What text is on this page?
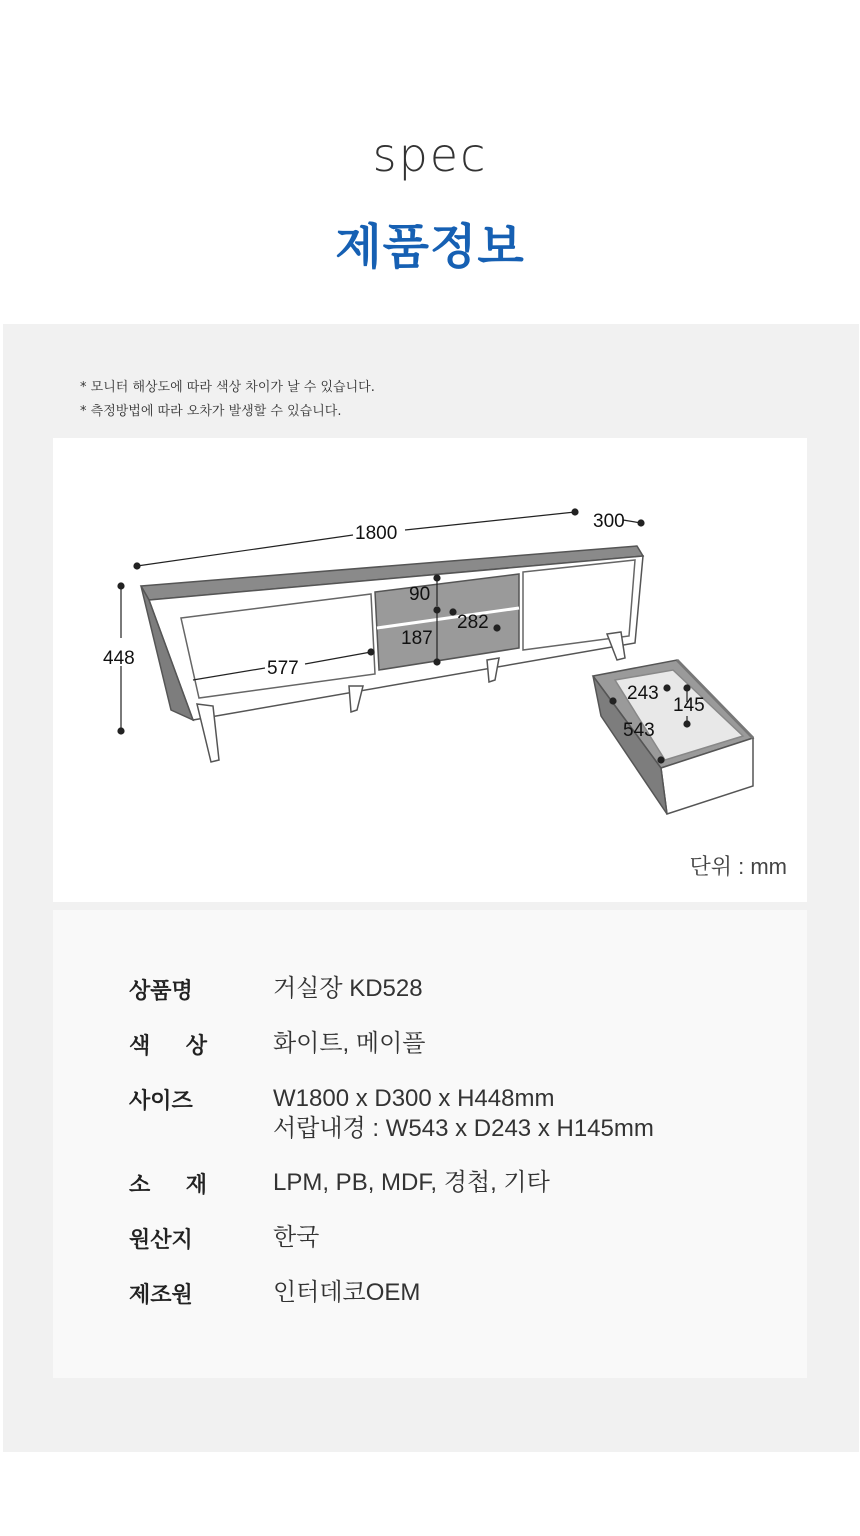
spec
제품정보
* 모니터 해상도에 따라 색상 차이가 날 수 있습니다.
* 측정방법에 따라 오차가 발생할 수 있습니다.
1800
300
448	577
90
187
282
243
145
543
단위 : mm
상품명	거실장 KD528
색 상	화이트, 메이플
사이즈	W1800 x D300 x H448mm
서랍내경 : W543 x D243 x H145mm
소 재	LPM, PB, MDF, 경첩, 기타
원산지	한국
제조원	인터데코OEM
